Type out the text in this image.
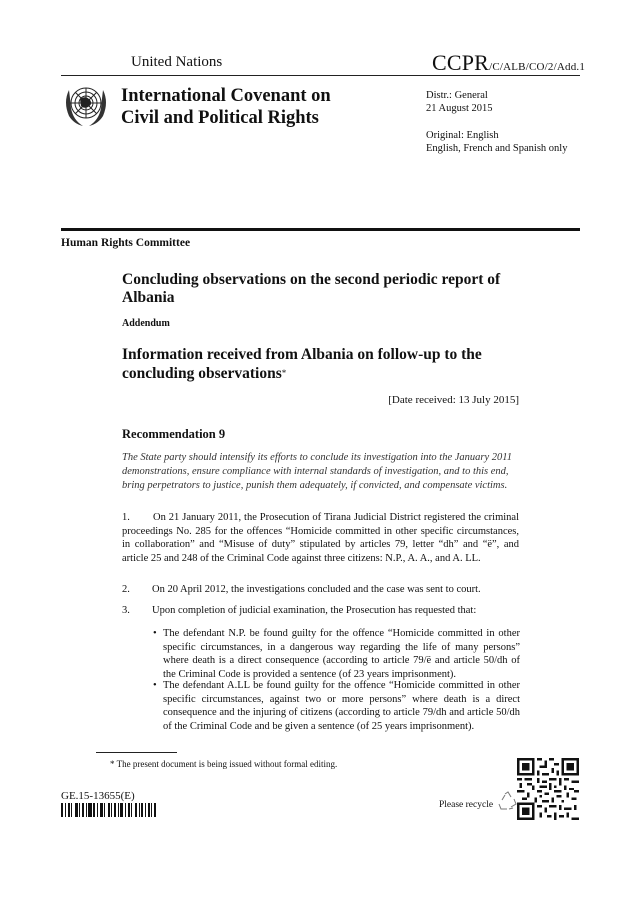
United Nations	CCPR/C/ALB/CO/2/Add.1
International Covenant on
Civil and Political Rights

Distr.: General

21 August 2015

Original: English

English, French and Spanish only

Human Rights Committee
Concluding observations on the second periodic report of Albania
Addendum
Information received from Albania on follow-up to the concluding observations*
[Date received: 13 July 2015]
Recommendation 9
The State party should intensify its efforts to conclude its investigation into the January 2011 demonstrations, ensure compliance with internal standards of investigation, and to this end, bring perpetrators to justice, punish them adequately, if convicted, and compensate victims.
1. On 21 January 2011, the Prosecution of Tirana Judicial District registered the criminal proceedings No. 285 for the offences “Homicide committed in other specific circumstances, in collaboration” and “Misuse of duty” stipulated by articles 79, letter “dh” and “ë”, and article 25 and 248 of the Criminal Code against three citizens: N.P., A. A., and A. LL.
2. On 20 April 2012, the investigations concluded and the case was sent to court.
3. Upon completion of judicial examination, the Prosecution has requested that:
• The defendant N.P. be found guilty for the offence “Homicide committed in other specific circumstances, in a dangerous way regarding the life of many persons” where death is a direct consequence (according to article 79/ë and article 50/dh of the Criminal Code is provided a sentence (of 23 years imprisonment).
• The defendant A.LL be found guilty for the offence “Homicide committed in other specific circumstances, against two or more persons” where death is a direct consequence and the injuring of citizens (according to article 79/dh and article 50/dh of the Criminal Code and be given a sentence (of 25 years imprisonment).
* The present document is being issued without formal editing.
GE.15-13655(E)
Please recycle
